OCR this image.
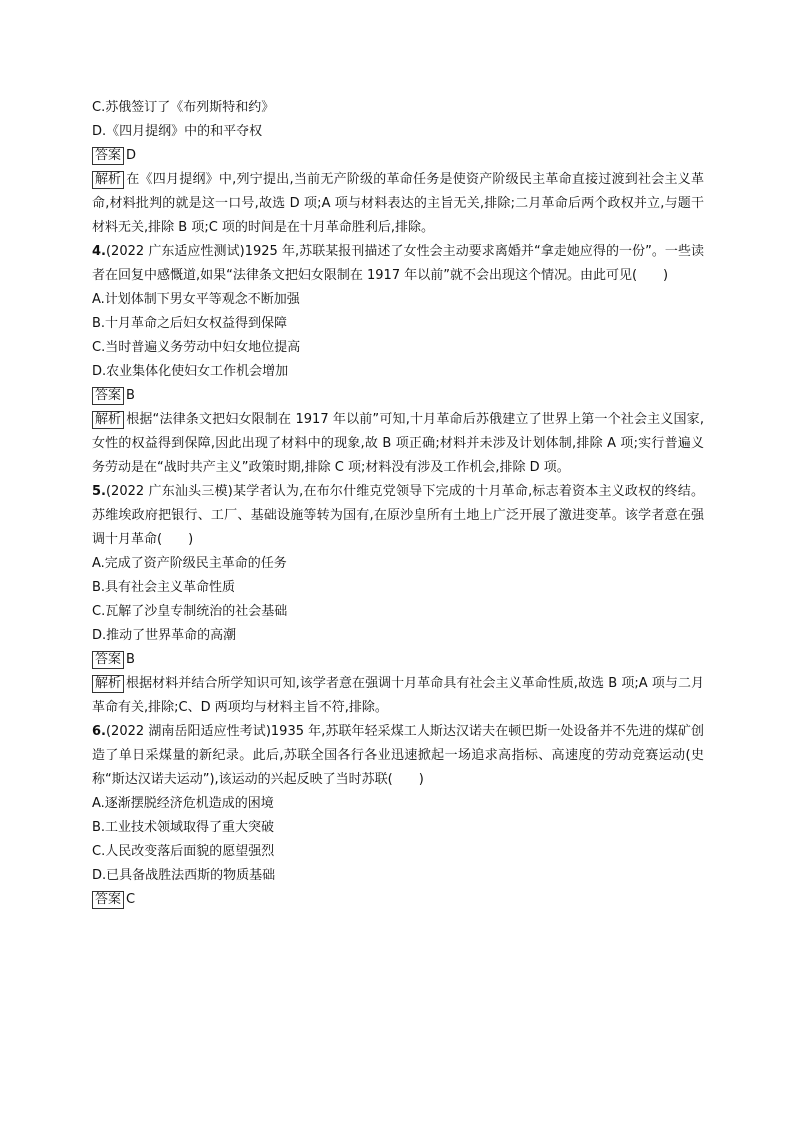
C.苏俄签订了《布列斯特和约》
D.《四月提纲》中的和平夺权
答案 D
解析 在《四月提纲》中,列宁提出,当前无产阶级的革命任务是使资产阶级民主革命直接过渡到社会主义革命,材料批判的就是这一口号,故选 D 项;A 项与材料表达的主旨无关,排除;二月革命后两个政权并立,与题干材料无关,排除 B 项;C 项的时间是在十月革命胜利后,排除。
4.(2022 广东适应性测试)1925 年,苏联某报刊描述了女性会主动要求离婚并“拿走她应得的一份”。一些读者在回复中感慨道,如果“法律条文把妇女限制在 1917 年以前”就不会出现这个情况。由此可见(　　)
A.计划体制下男女平等观念不断加强
B.十月革命之后妇女权益得到保障
C.当时普遍义务劳动中妇女地位提高
D.农业集体化使妇女工作机会增加
答案 B
解析 根据“法律条文把妇女限制在 1917 年以前”可知,十月革命后苏俄建立了世界上第一个社会主义国家,女性的权益得到保障,因此出现了材料中的现象,故 B 项正确;材料并未涉及计划体制,排除 A 项;实行普遍义务劳动是在“战时共产主义”政策时期,排除 C 项;材料没有涉及工作机会,排除 D 项。
5.(2022 广东汕头三模)某学者认为,在布尔什维克党领导下完成的十月革命,标志着资本主义政权的终结。苏维埃政府把银行、工厂、基础设施等转为国有,在原沙皇所有土地上广泛开展了激进变革。该学者意在强调十月革命(　　)
A.完成了资产阶级民主革命的任务
B.具有社会主义革命性质
C.瓦解了沙皇专制统治的社会基础
D.推动了世界革命的高潮
答案 B
解析 根据材料并结合所学知识可知,该学者意在强调十月革命具有社会主义革命性质,故选 B 项;A 项与二月革命有关,排除;C、D 两项均与材料主旨不符,排除。
6.(2022 湖南岳阳适应性考试)1935 年,苏联年轻采煤工人斯达汉诺夫在顿巴斯一处设备并不先进的煤矿创造了单日采煤量的新纪录。此后,苏联全国各行各业迅速掀起一场追求高指标、高速度的劳动竞赛运动(史称“斯达汉诺夫运动”),该运动的兴起反映了当时苏联(　　)
A.逐渐摆脱经济危机造成的困境
B.工业技术领域取得了重大突破
C.人民改变落后面貌的愿望强烈
D.已具备战胜法西斯的物质基础
答案 C
